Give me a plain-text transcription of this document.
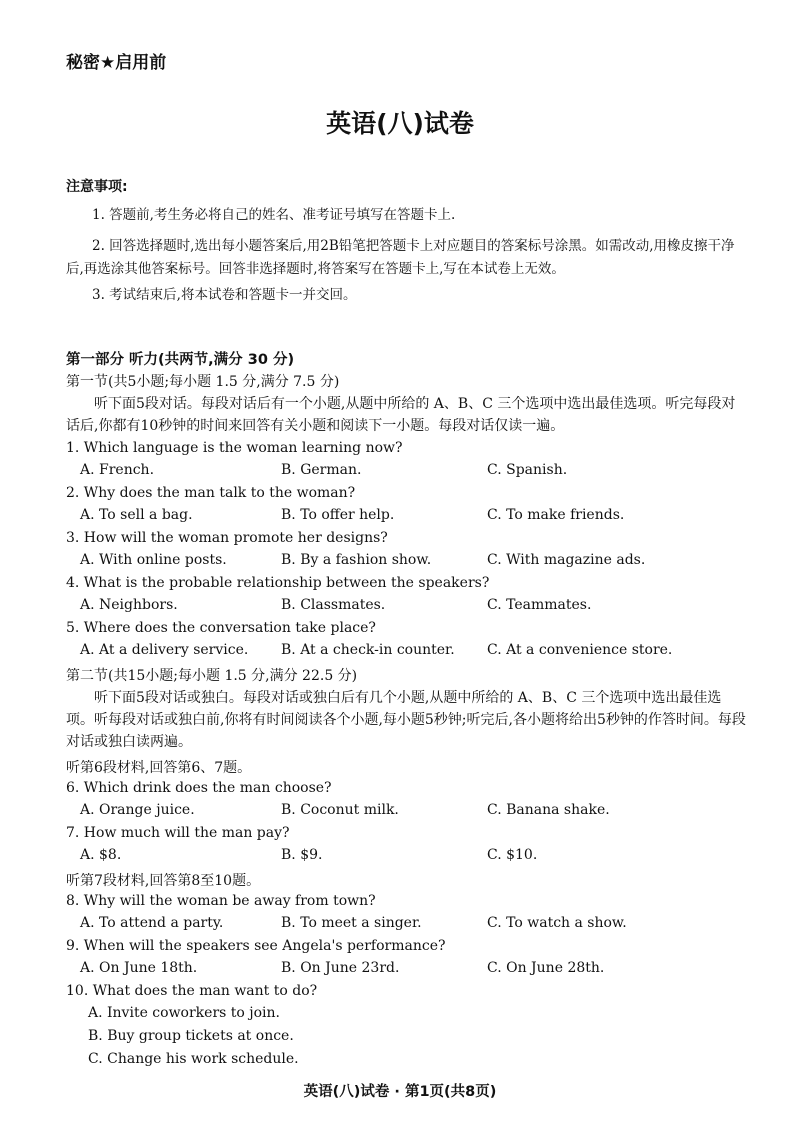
秘密★启用前
英语(八)试卷
注意事项:
1. 答题前,考生务必将自己的姓名、准考证号填写在答题卡上.
2. 回答选择题时,选出每小题答案后,用2B铅笔把答题卡上对应题目的答案标号涂黑。如需改动,用橡皮擦干净后,再选涂其他答案标号。回答非选择题时,将答案写在答题卡上,写在本试卷上无效。
3. 考试结束后,将本试卷和答题卡一并交回。
第一部分 听力(共两节,满分 30 分)
第一节(共5小题;每小题 1.5 分,满分 7.5 分)
听下面5段对话。每段对话后有一个小题,从题中所给的 A、B、C 三个选项中选出最佳选项。听完每段对话后,你都有10秒钟的时间来回答有关小题和阅读下一小题。每段对话仅读一遍。
1. Which language is the woman learning now?
A. French.	B. German.	C. Spanish.
2. Why does the man talk to the woman?
A. To sell a bag.	B. To offer help.	C. To make friends.
3. How will the woman promote her designs?
A. With online posts.	B. By a fashion show.	C. With magazine ads.
4. What is the probable relationship between the speakers?
A. Neighbors.	B. Classmates.	C. Teammates.
5. Where does the conversation take place?
A. At a delivery service. B. At a check-in counter. C. At a convenience store.
第二节(共15小题;每小题 1.5 分,满分 22.5 分)
听下面5段对话或独白。每段对话或独白后有几个小题,从题中所给的 A、B、C 三个选项中选出最佳选项。听每段对话或独白前,你将有时间阅读各个小题,每小题5秒钟;听完后,各小题将给出5秒钟的作答时间。每段对话或独白读两遍。
听第6段材料,回答第6、7题。
6. Which drink does the man choose?
A. Orange juice.	B. Coconut milk.	C. Banana shake.
7. How much will the man pay?
A. $8.	B. $9.	C. $10.
听第7段材料,回答第8至10题。
8. Why will the woman be away from town?
A. To attend a party.	B. To meet a singer.	C. To watch a show.
9. When will the speakers see Angela's performance?
A. On June 18th.	B. On June 23rd.	C. On June 28th.
10. What does the man want to do?
A. Invite coworkers to join.
B. Buy group tickets at once.
C. Change his work schedule.
英语(八)试卷 · 第1页(共8页)
